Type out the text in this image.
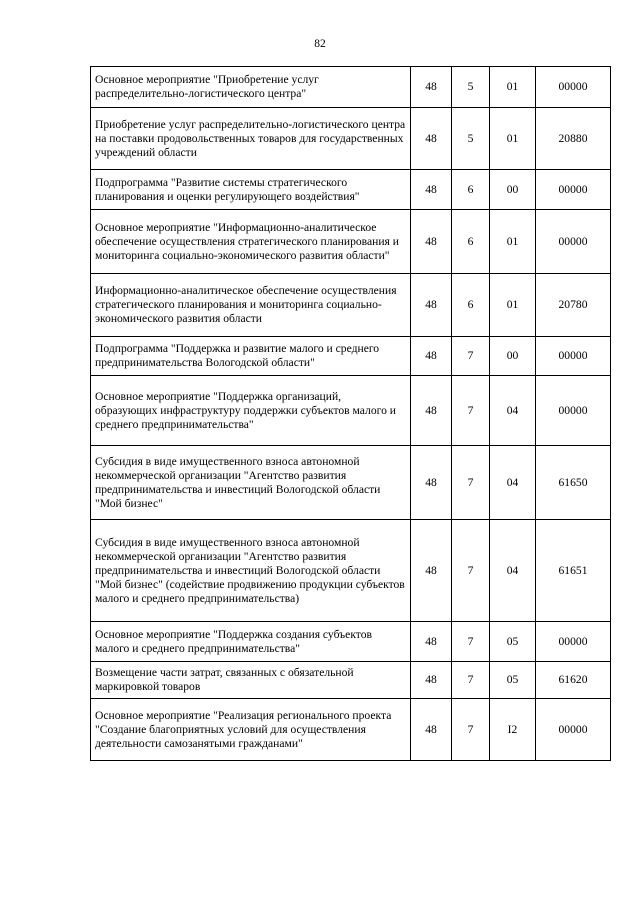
82
Основное мероприятие "Приобретение услуг распределительно-логистического центра"	48	5	01	00000
Приобретение услуг распределительно-логистического центра на поставки продовольственных товаров для государственных учреждений области	48	5	01	20880
Подпрограмма "Развитие системы стратегического планирования и оценки регулирующего воздействия"	48	6	00	00000
Основное мероприятие "Информационно-аналитическое обеспечение осуществления стратегического планирования и мониторинга социально-экономического развития области"	48	6	01	00000
Информационно-аналитическое обеспечение осуществления стратегического планирования и мониторинга социально-экономического развития области	48	6	01	20780
Подпрограмма "Поддержка и развитие малого и среднего предпринимательства Вологодской области"	48	7	00	00000
Основное мероприятие "Поддержка организаций, образующих инфраструктуру поддержки субъектов малого и среднего предпринимательства"	48	7	04	00000
Субсидия в виде имущественного взноса автономной некоммерческой организации "Агентство развития предпринимательства и инвестиций Вологодской области "Мой бизнес"	48	7	04	61650
Субсидия в виде имущественного взноса автономной некоммерческой организации "Агентство развития предпринимательства и инвестиций Вологодской области "Мой бизнес" (содействие продвижению продукции субъектов малого и среднего предпринимательства)	48	7	04	61651
Основное мероприятие "Поддержка создания субъектов малого и среднего предпринимательства"	48	7	05	00000
Возмещение части затрат, связанных с обязательной маркировкой товаров	48	7	05	61620
Основное мероприятие "Реализация регионального проекта "Создание благоприятных условий для осуществления деятельности самозанятыми гражданами"	48	7	I2	00000
